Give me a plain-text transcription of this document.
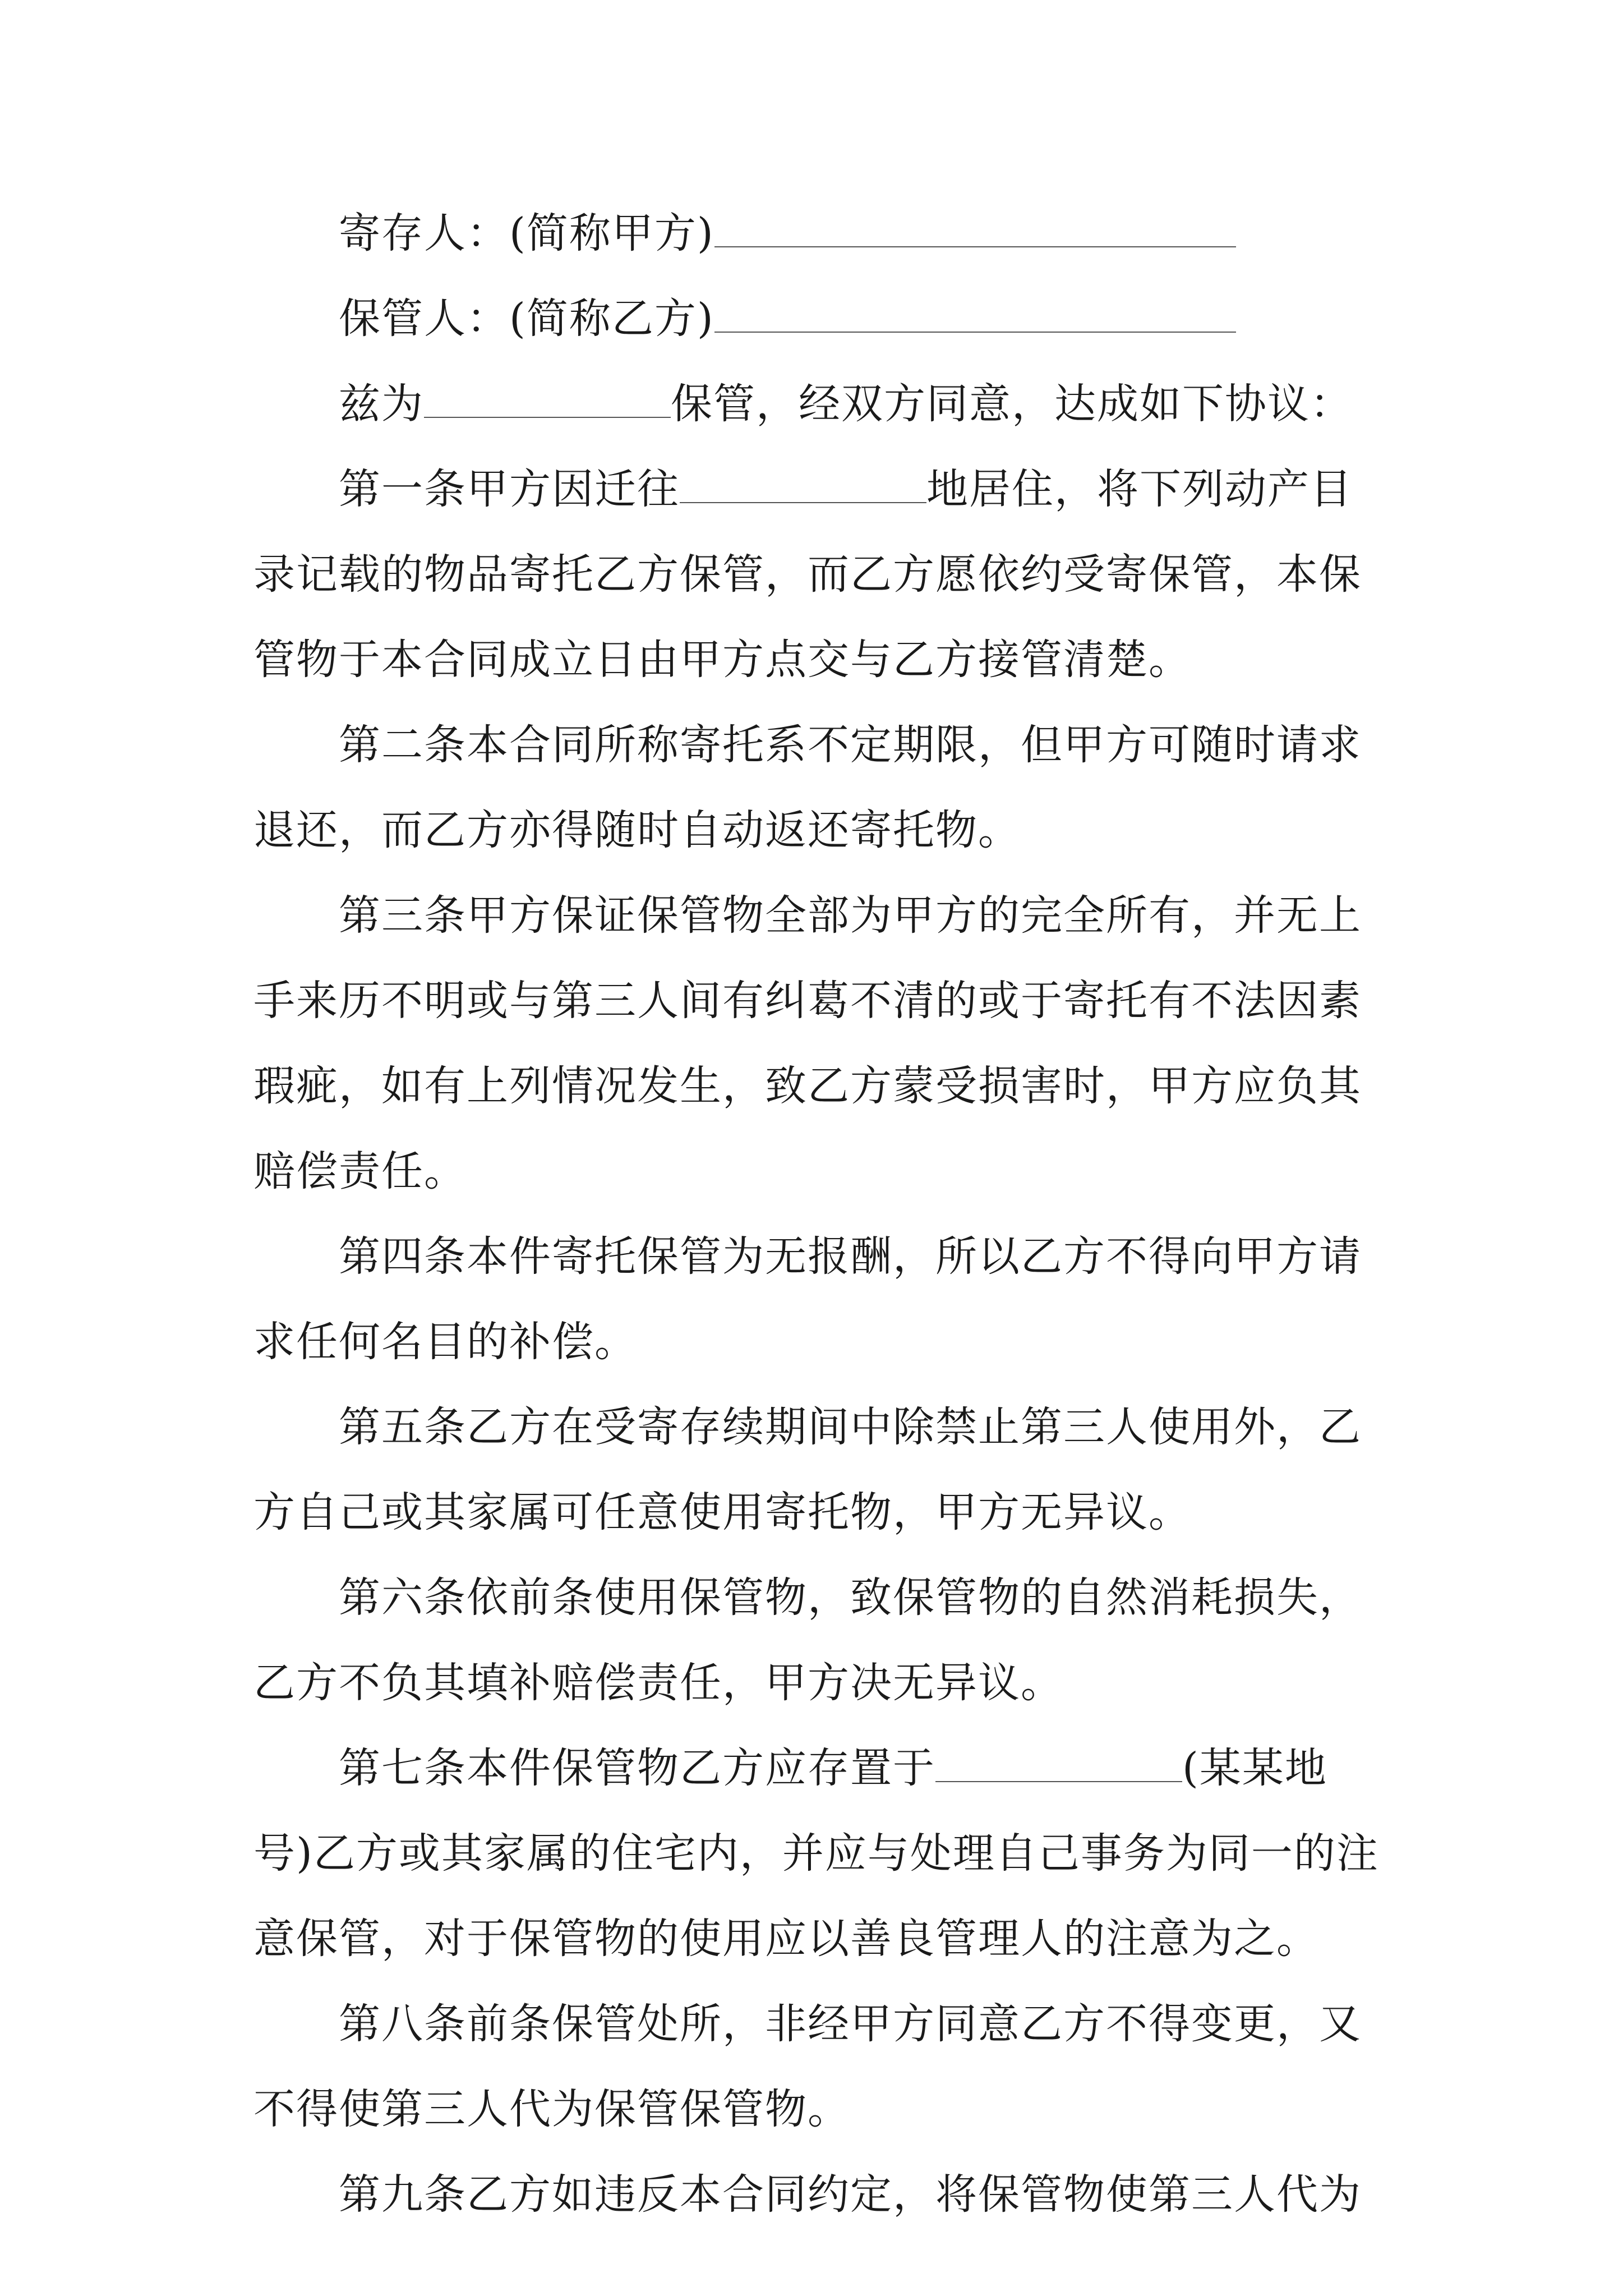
寄存人：(简称甲方)
保管人：(简称乙方)

兹为	保管，经双方同意，达成如下协议：

第一条甲方因迁往	地居住，将下列动产目录记载的物品寄托乙方保管，而乙方愿依约受寄保管，本保管物于本合同成立日由甲方点交与乙方接管清楚。

第二条本合同所称寄托系不定期限，但甲方可随时请求退还，而乙方亦得随时自动返还寄托物。

第三条甲方保证保管物全部为甲方的完全所有，并无上手来历不明或与第三人间有纠葛不清的或于寄托有不法因素瑕疵，如有上列情况发生，致乙方蒙受损害时，甲方应负其赔偿责任。

第四条本件寄托保管为无报酬，所以乙方不得向甲方请求任何名目的补偿。

第五条乙方在受寄存续期间中除禁止第三人使用外，乙方自己或其家属可任意使用寄托物，甲方无异议。

第六条依前条使用保管物，致保管物的自然消耗损失，乙方不负其填补赔偿责任，甲方决无异议。

第七条本件保管物乙方应存置于	(某某地号)乙方或其家属的住宅内，并应与处理自己事务为同一的注意保管，对于保管物的使用应以善良管理人的注意为之。

第八条前条保管处所，非经甲方同意乙方不得变更，又不得使第三人代为保管保管物。

第九条乙方如违反本合同约定，将保管物使第三人代为
